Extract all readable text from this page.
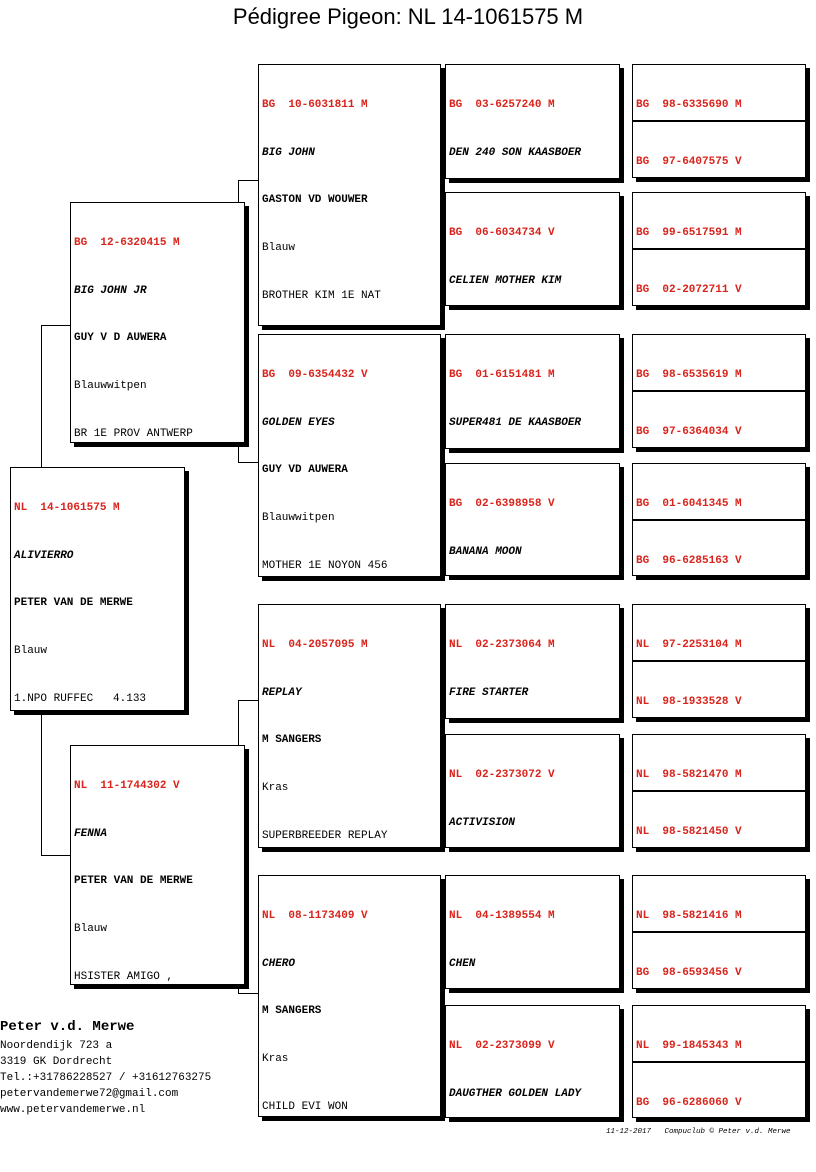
Pédigree Pigeon: NL 14-1061575 M

NL  14-1061575 M

ALIVIERRO

PETER VAN DE MERWE

Blauw

1.NPO RUFFEC   4.133

BG  12-6320415 M

BIG JOHN JR

GUY V D AUWERA

Blauwwitpen

BR 1E PROV ANTWERP

NL  11-1744302 V

FENNA

PETER VAN DE MERWE

Blauw

HSISTER AMIGO ,

BG  10-6031811 M

BIG JOHN

GASTON VD WOUWER

Blauw

BROTHER KIM 1E NAT

BG  09-6354432 V

GOLDEN EYES

GUY VD AUWERA

Blauwwitpen

MOTHER 1E NOYON 456

NL  04-2057095 M

REPLAY

M SANGERS

Kras

SUPERBREEDER REPLAY

NL  08-1173409 V

CHERO

M SANGERS

Kras

CHILD EVI WON

BG  03-6257240 M

DEN 240 SON KAASBOER

BG  06-6034734 V

CELIEN MOTHER KIM

BG  01-6151481 M

SUPER481 DE KAASBOER

BG  02-6398958 V

BANANA MOON

NL  02-2373064 M

FIRE STARTER

NL  02-2373072 V

ACTIVISION

NL  04-1389554 M

CHEN

NL  02-2373099 V

DAUGTHER GOLDEN LADY

BG  98-6335690 M

BG  97-6407575 V

BG  99-6517591 M

BG  02-2072711 V

BG  98-6535619 M

BG  97-6364034 V

BG  01-6041345 M

BG  96-6285163 V

NL  97-2253104 M

NL  98-1933528 V

NL  98-5821470 M

NL  98-5821450 V

NL  98-5821416 M

BG  98-6593456 V

NL  99-1845343 M

BG  96-6286060 V

Peter v.d. Merwe
Noordendijk 723 a
3319 GK Dordrecht
Tel.:+31786228527 / +31612763275
petervandemerwe72@gmail.com
www.petervandemerwe.nl
11-12-2017   Compuclub © Peter v.d. Merwe
